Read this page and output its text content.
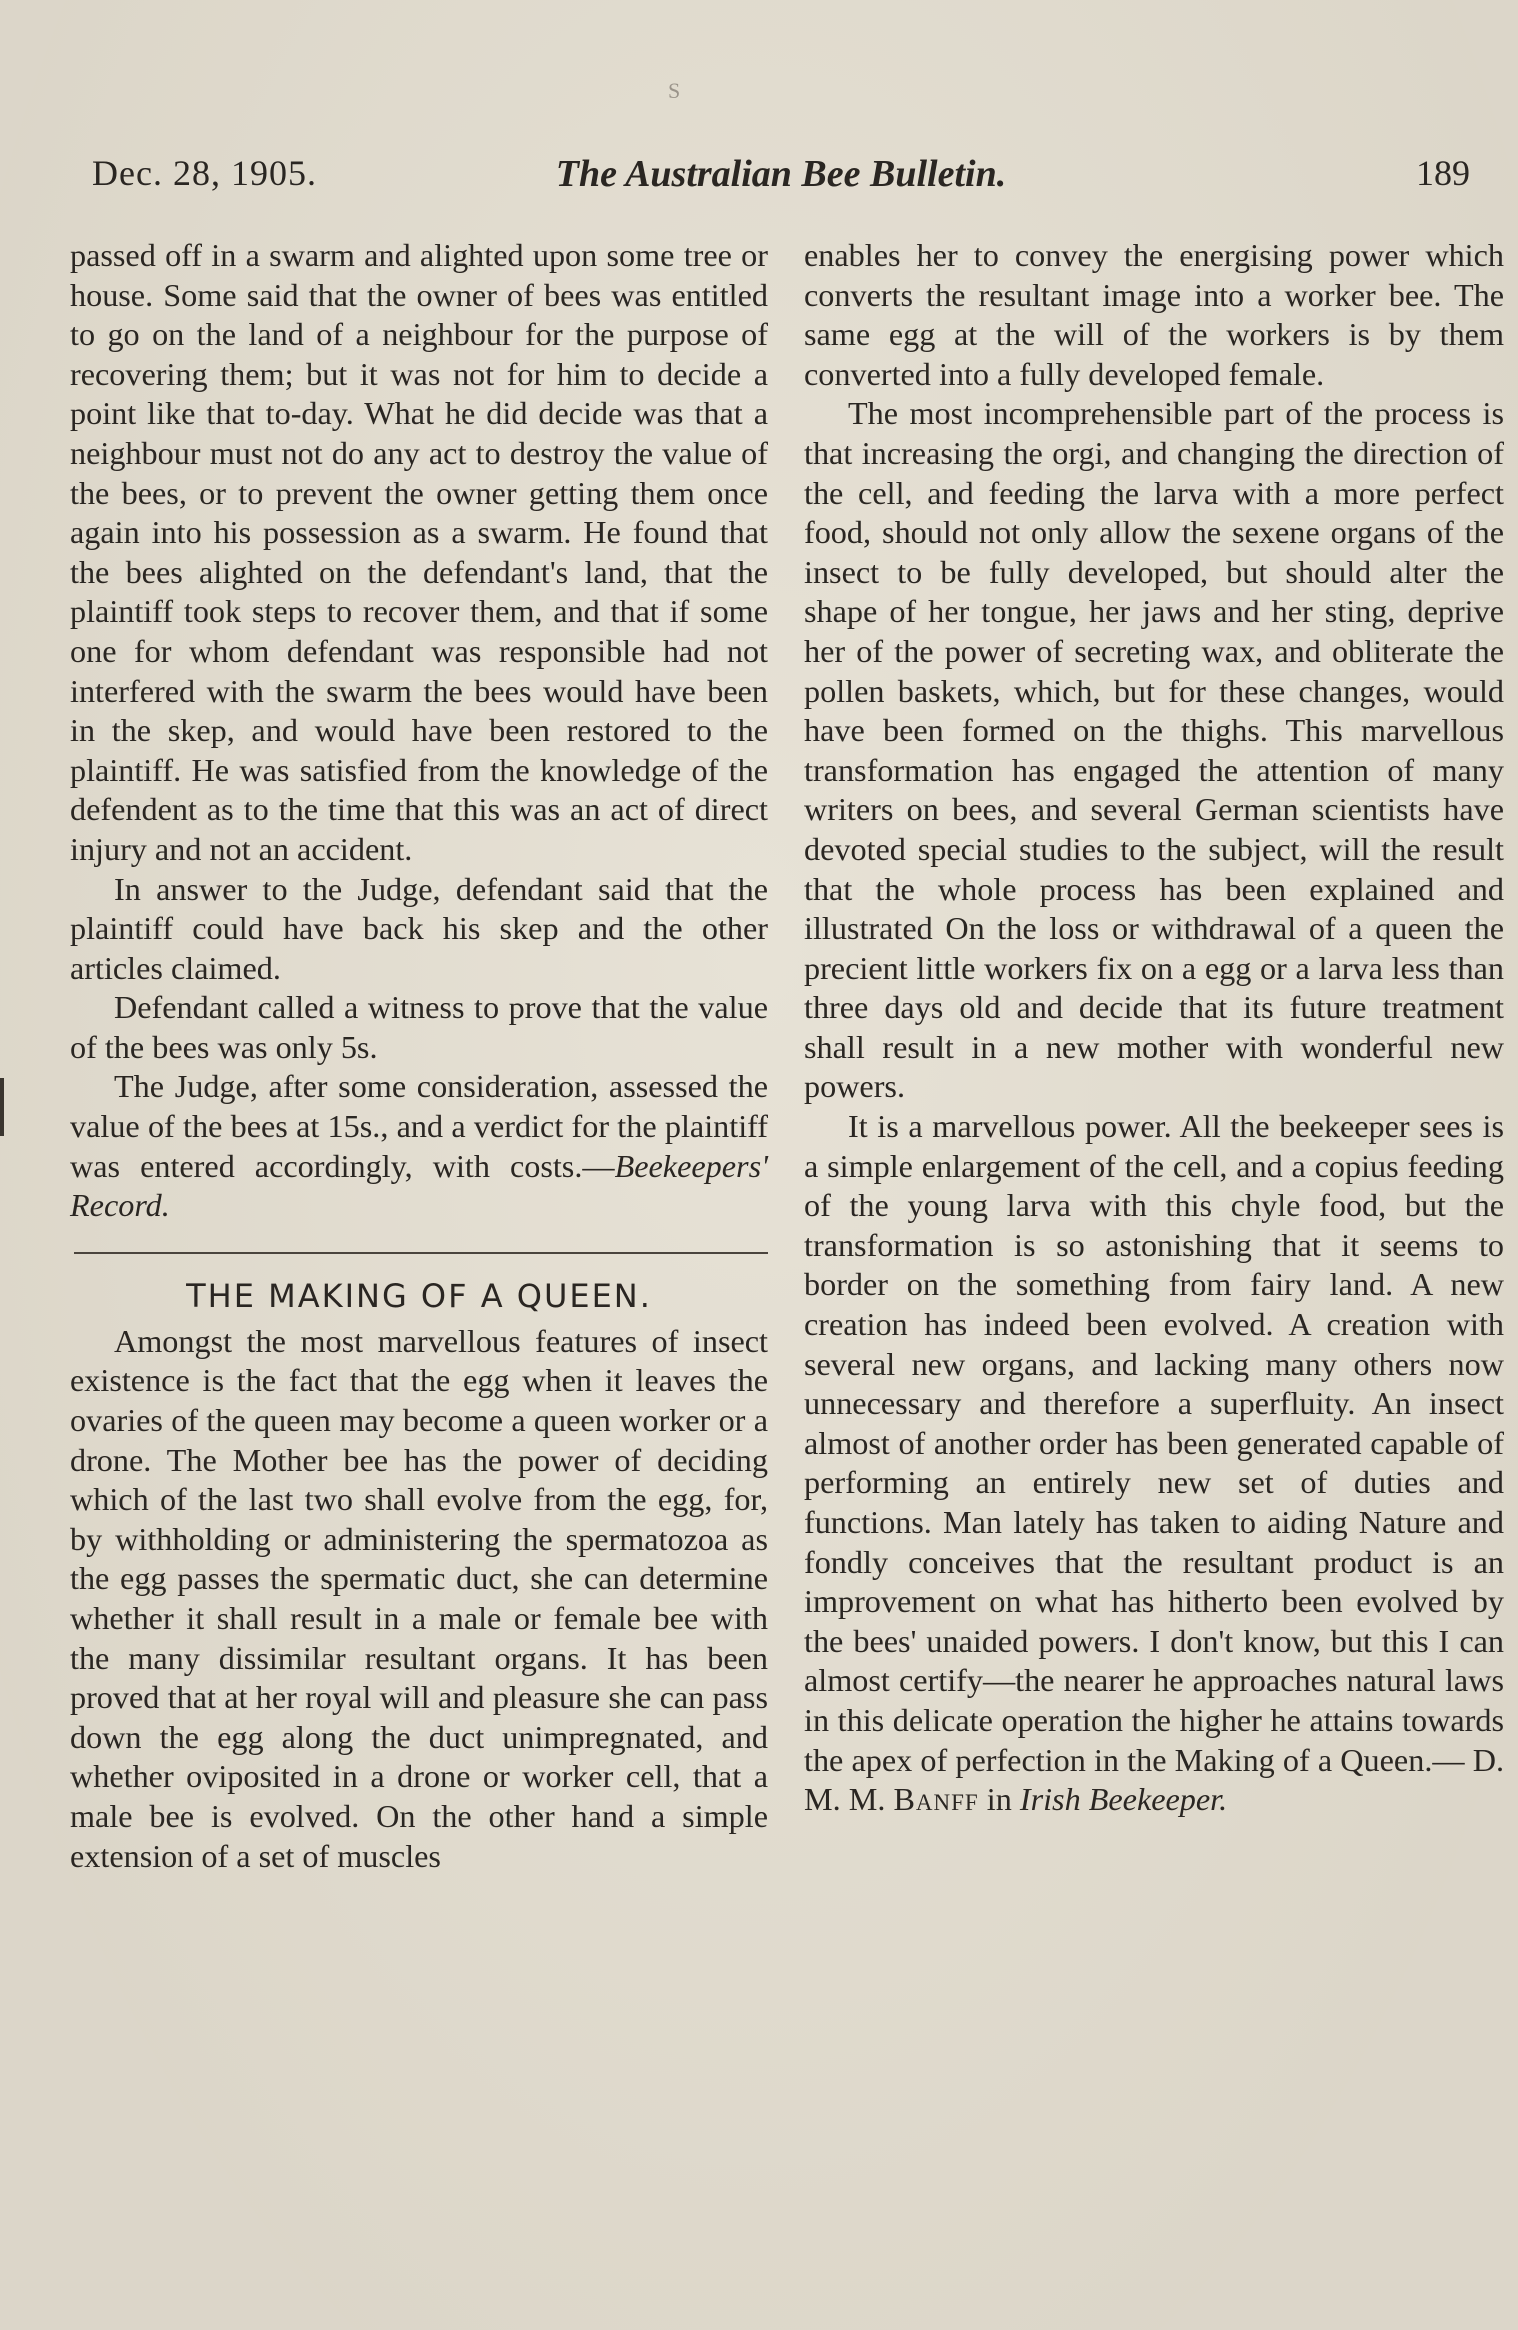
S
Dec. 28, 1905.	The Australian Bee Bulletin.	189

passed off in a swarm and alighted upon some tree or house. Some said that the owner of bees was entitled to go on the land of a neighbour for the purpose of recovering them; but it was not for him to decide a point like that to-day. What he did decide was that a neighbour must not do any act to destroy the value of the bees, or to prevent the owner getting them once again into his possession as a swarm. He found that the bees alighted on the defendant's land, that the plaintiff took steps to recover them, and that if some one for whom defendant was responsible had not interfered with the swarm the bees would have been in the skep, and would have been restored to the plaintiff. He was satisfied from the knowledge of the defendent as to the time that this was an act of direct injury and not an accident.

In answer to the Judge, defendant said that the plaintiff could have back his skep and the other articles claimed.

Defendant called a witness to prove that the value of the bees was only 5s.

The Judge, after some consideration, assessed the value of the bees at 15s., and a verdict for the plaintiff was entered accordingly, with costs.—Beekeepers' Record.

THE MAKING OF A QUEEN.

Amongst the most marvellous features of insect existence is the fact that the egg when it leaves the ovaries of the queen may become a queen worker or a drone. The Mother bee has the power of deciding which of the last two shall evolve from the egg, for, by withholding or administering the spermatozoa as the egg passes the spermatic duct, she can determine whether it shall result in a male or female bee with the many dissimilar resultant organs. It has been proved that at her royal will and pleasure she can pass down the egg along the duct unimpregnated, and whether oviposited in a drone or worker cell, that a male bee is evolved. On the other hand a simple extension of a set of muscles

enables her to convey the energising power which converts the resultant image into a worker bee. The same egg at the will of the workers is by them converted into a fully developed female.

The most incomprehensible part of the process is that increasing the orgi, and changing the direction of the cell, and feeding the larva with a more perfect food, should not only allow the sexene organs of the insect to be fully developed, but should alter the shape of her tongue, her jaws and her sting, deprive her of the power of secreting wax, and obliterate the pollen baskets, which, but for these changes, would have been formed on the thighs. This marvellous transformation has engaged the attention of many writers on bees, and several German scientists have devoted special studies to the subject, will the result that the whole process has been explained and illustrated On the loss or withdrawal of a queen the precient little workers fix on a egg or a larva less than three days old and decide that its future treatment shall result in a new mother with wonderful new powers.

It is a marvellous power. All the beekeeper sees is a simple enlargement of the cell, and a copius feeding of the young larva with this chyle food, but the transformation is so astonishing that it seems to border on the something from fairy land. A new creation has indeed been evolved. A creation with several new organs, and lacking many others now unnecessary and therefore a superfluity. An insect almost of another order has been generated capable of performing an entirely new set of duties and functions. Man lately has taken to aiding Nature and fondly conceives that the resultant product is an improvement on what has hitherto been evolved by the bees' unaided powers. I don't know, but this I can almost certify—the nearer he approaches natural laws in this delicate operation the higher he attains towards the apex of perfection in the Making of a Queen.— D. M. M. Banff in Irish Beekeeper.
